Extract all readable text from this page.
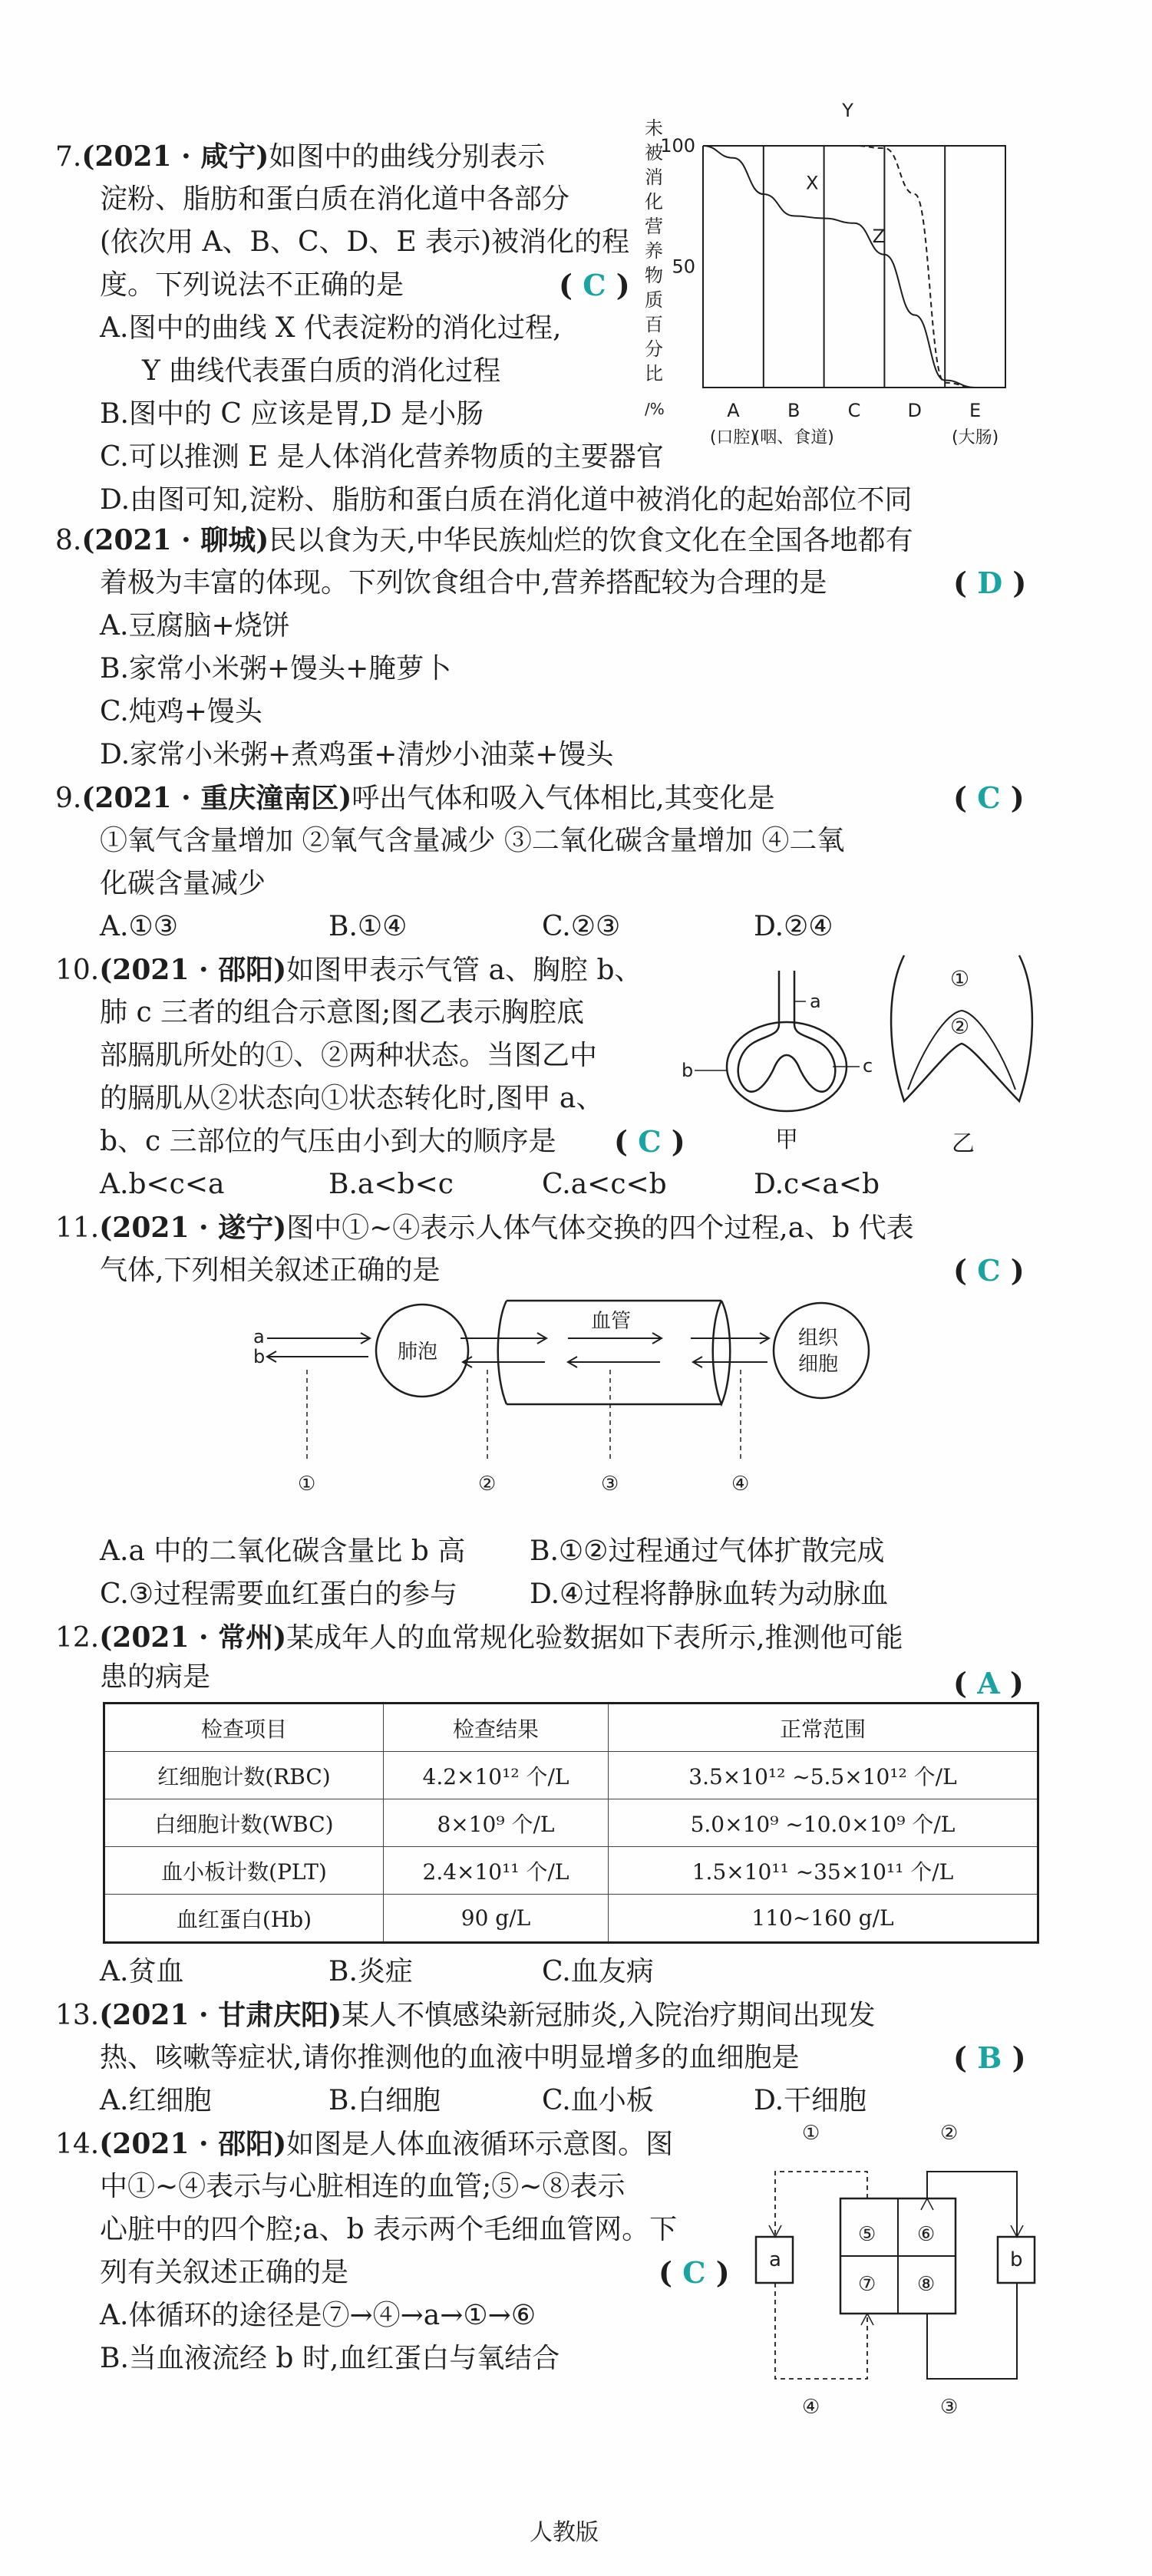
7.(2021 · 咸宁)如图中的曲线分别表示
淀粉、脂肪和蛋白质在消化道中各部分
(依次用 A、B、C、D、E 表示)被消化的程
度。下列说法不正确的是	( C )
A.图中的曲线 X 代表淀粉的消化过程,
Y 曲线代表蛋白质的消化过程
B.图中的 C 应该是胃,D 是小肠
C.可以推测 E 是人体消化营养物质的主要器官
D.由图可知,淀粉、脂肪和蛋白质在消化道中被消化的起始部位不同
未
被
消
化
营
养
物
质
百
分
比
/%
50
100
A
(口腔)
B
(咽、食道)
C	D	E
(大肠)
X
Y
Z
8.(2021 · 聊城)民以食为天,中华民族灿烂的饮食文化在全国各地都有
着极为丰富的体现。下列饮食组合中,营养搭配较为合理的是	( D )
A.豆腐脑+烧饼
B.家常小米粥+馒头+腌萝卜
C.炖鸡+馒头
D.家常小米粥+煮鸡蛋+清炒小油菜+馒头
9.(2021 · 重庆潼南区)呼出气体和吸入气体相比,其变化是	( C )
①氧气含量增加 ②氧气含量减少 ③二氧化碳含量增加 ④二氧
化碳含量减少
A.①③	B.①④	C.②③	D.②④
10.(2021 · 邵阳)如图甲表示气管 a、胸腔 b、
肺 c 三者的组合示意图;图乙表示胸腔底
部膈肌所处的①、②两种状态。当图乙中
的膈肌从②状态向①状态转化时,图甲 a、
b、c 三部位的气压由小到大的顺序是 ( C )
A.b<c<a	B.a<b<c	C.a<c<b	D.c<a<b
a
b	c
甲
①
②
乙
11.(2021 · 遂宁)图中①~④表示人体气体交换的四个过程,a、b 代表
气体,下列相关叙述正确的是	( C )
a
b	肺泡
血管
组织
细胞
①	②	③	④
A.a 中的二氧化碳含量比 b 高 B.①②过程通过气体扩散完成
C.③过程需要血红蛋白的参与	D.④过程将静脉血转为动脉血
12.(2021 · 常州)某成年人的血常规化验数据如下表所示,推测他可能
患的病是	( A )
检查项目	检查结果	正常范围
红细胞计数(RBC)	4.2×10¹² 个/L	3.5×10¹² ~5.5×10¹² 个/L
白细胞计数(WBC)	8×10⁹ 个/L	5.0×10⁹ ~10.0×10⁹ 个/L
血小板计数(PLT)	2.4×10¹¹ 个/L	1.5×10¹¹ ~35×10¹¹ 个/L
血红蛋白(Hb)	90 g/L	110~160 g/L
A.贫血	B.炎症	C.血友病
13.(2021 · 甘肃庆阳)某人不慎感染新冠肺炎,入院治疗期间出现发
热、咳嗽等症状,请你推测他的血液中明显增多的血细胞是	( B )
A.红细胞	B.白细胞	C.血小板	D.干细胞
14.(2021 · 邵阳)如图是人体血液循环示意图。图
中①~④表示与心脏相连的血管;⑤~⑧表示
心脏中的四个腔;a、b 表示两个毛细血管网。下
列有关叙述正确的是	( C )
A.体循环的途径是⑦→④→a→①→⑥
B.当血液流经 b 时,血红蛋白与氧结合
①	②
③
④
⑤ ⑥
⑦ ⑧
a	b
人教版
